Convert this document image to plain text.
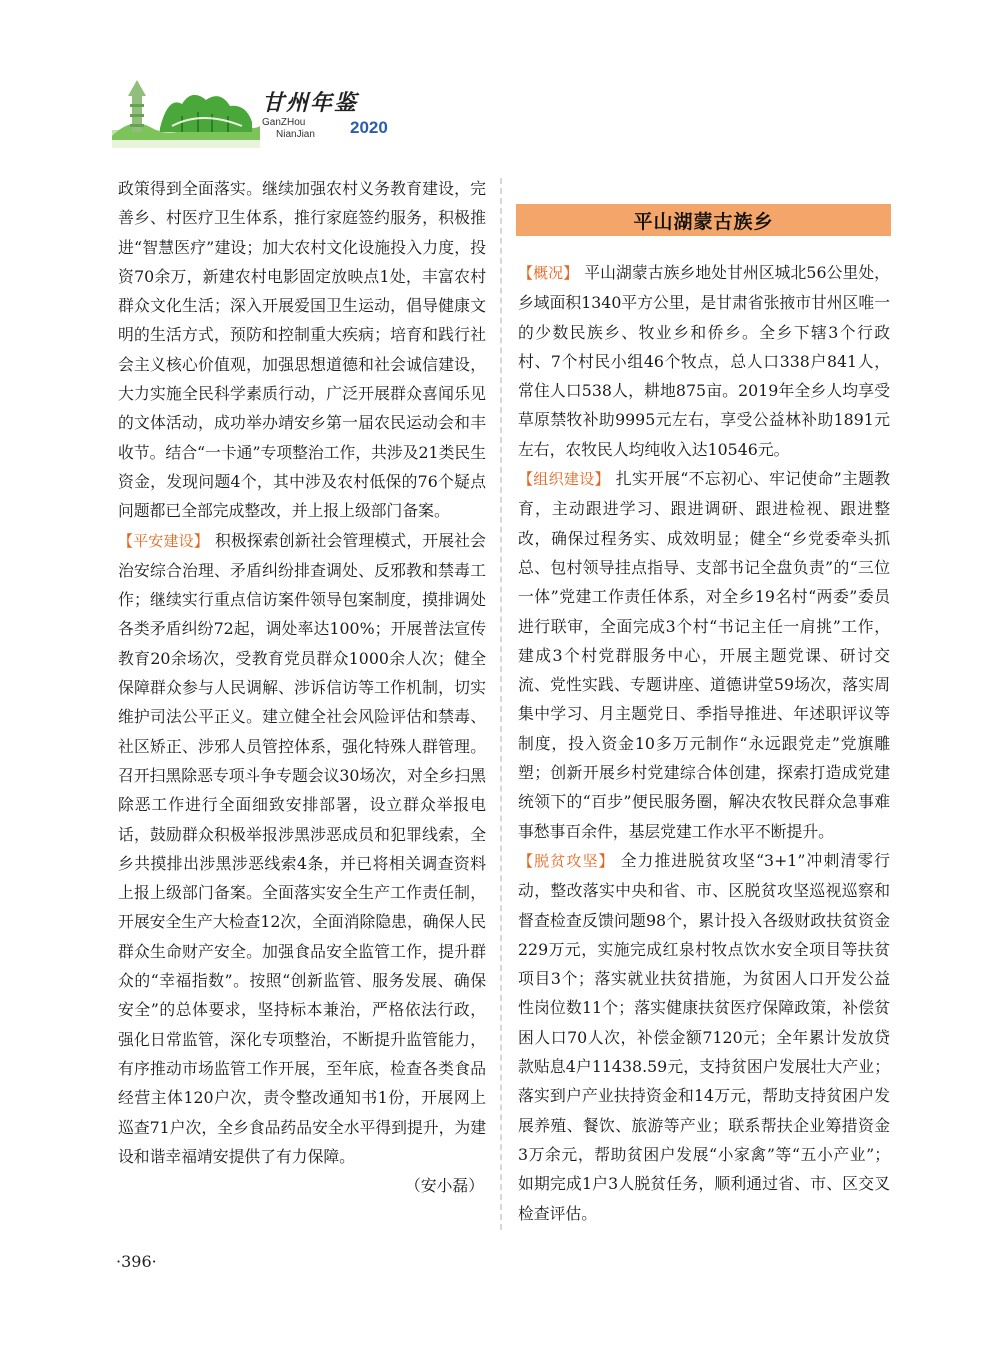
甘州年鉴
GanZHou
NianJian 2020

政策得到全面落实。继续加强农村义务教育建设，完善乡、村医疗卫生体系，推行家庭签约服务，积极推进“智慧医疗”建设；加大农村文化设施投入力度，投资70余万，新建农村电影固定放映点1处，丰富农村群众文化生活；深入开展爱国卫生运动，倡导健康文明的生活方式，预防和控制重大疾病；培育和践行社会主义核心价值观，加强思想道德和社会诚信建设，大力实施全民科学素质行动，广泛开展群众喜闻乐见的文体活动，成功举办靖安乡第一届农民运动会和丰收节。结合“一卡通”专项整治工作，共涉及21类民生资金，发现问题4个，其中涉及农村低保的76个疑点问题都已全部完成整改，并上报上级部门备案。

【平安建设】 积极探索创新社会管理模式，开展社会治安综合治理、矛盾纠纷排查调处、反邪教和禁毒工作；继续实行重点信访案件领导包案制度，摸排调处各类矛盾纠纷72起，调处率达100%；开展普法宣传教育20余场次，受教育党员群众1000余人次；健全保障群众参与人民调解、涉诉信访等工作机制，切实维护司法公平正义。建立健全社会风险评估和禁毒、社区矫正、涉邪人员管控体系，强化特殊人群管理。召开扫黑除恶专项斗争专题会议30场次，对全乡扫黑除恶工作进行全面细致安排部署，设立群众举报电话，鼓励群众积极举报涉黑涉恶成员和犯罪线索，全乡共摸排出涉黑涉恶线索4条，并已将相关调查资料上报上级部门备案。全面落实安全生产工作责任制，开展安全生产大检查12次，全面消除隐患，确保人民群众生命财产安全。加强食品安全监管工作，提升群众的“幸福指数”。按照“创新监管、服务发展、确保安全”的总体要求，坚持标本兼治，严格依法行政，强化日常监管，深化专项整治，不断提升监管能力，有序推动市场监管工作开展，至年底，检查各类食品经营主体120户次，责令整改通知书1份，开展网上巡查71户次，全乡食品药品安全水平得到提升，为建设和谐幸福靖安提供了有力保障。

（安小磊）

平山湖蒙古族乡

【概况】 平山湖蒙古族乡地处甘州区城北56公里处，乡域面积1340平方公里，是甘肃省张掖市甘州区唯一的少数民族乡、牧业乡和侨乡。全乡下辖3个行政村、7个村民小组46个牧点，总人口338户841人，常住人口538人，耕地875亩。2019年全乡人均享受草原禁牧补助9995元左右，享受公益林补助1891元左右，农牧民人均纯收入达10546元。

【组织建设】 扎实开展“不忘初心、牢记使命”主题教育，主动跟进学习、跟进调研、跟进检视、跟进整改，确保过程务实、成效明显；健全“乡党委牵头抓总、包村领导挂点指导、支部书记全盘负责”的“三位一体”党建工作责任体系，对全乡19名村“两委”委员进行联审，全面完成3个村“书记主任一肩挑”工作，建成3个村党群服务中心，开展主题党课、研讨交流、党性实践、专题讲座、道德讲堂59场次，落实周集中学习、月主题党日、季指导推进、年述职评议等制度，投入资金10多万元制作“永远跟党走”党旗雕塑；创新开展乡村党建综合体创建，探索打造成党建统领下的“百步”便民服务圈，解决农牧民群众急事难事愁事百余件，基层党建工作水平不断提升。

【脱贫攻坚】 全力推进脱贫攻坚“3+1”冲刺清零行动，整改落实中央和省、市、区脱贫攻坚巡视巡察和督查检查反馈问题98个，累计投入各级财政扶贫资金229万元，实施完成红泉村牧点饮水安全项目等扶贫项目3个；落实就业扶贫措施，为贫困人口开发公益性岗位数11个；落实健康扶贫医疗保障政策，补偿贫困人口70人次，补偿金额7120元；全年累计发放贷款贴息4户11438.59元，支持贫困户发展壮大产业；落实到户产业扶持资金和14万元，帮助支持贫困户发展养殖、餐饮、旅游等产业；联系帮扶企业筹措资金3万余元，帮助贫困户发展“小家禽”等“五小产业”；如期完成1户3人脱贫任务，顺利通过省、市、区交叉检查评估。

·396·
